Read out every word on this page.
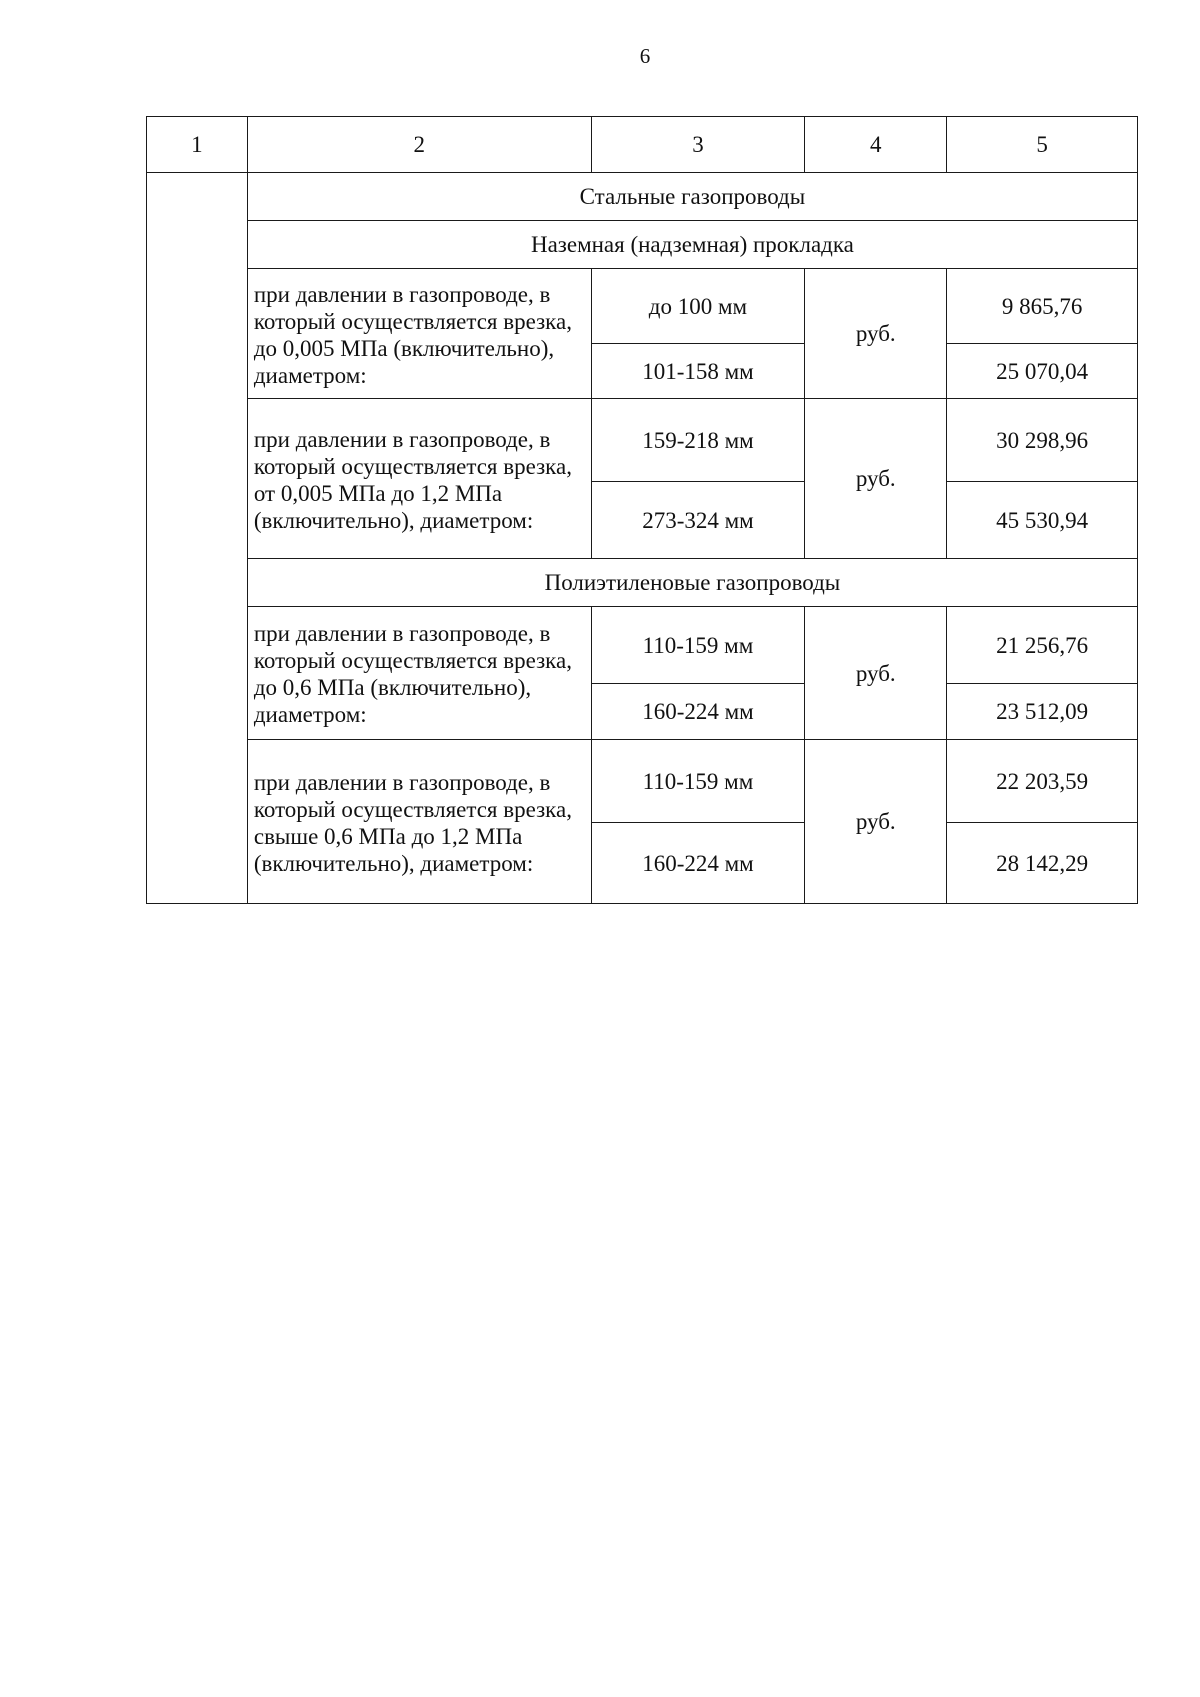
6
1	2	3	4	5
	Стальные газопроводы			
	Наземная (надземная) прокладка			
	при давлении в газопроводе, в который осуществляется врезка, до 0,005 МПа (включительно), диаметром:	до 100 мм	руб.	9 865,76
		101-158 мм		25 070,04
	при давлении в газопроводе, в который осуществляется врезка, от 0,005 МПа до 1,2 МПа (включительно), диаметром:	159-218 мм	руб.	30 298,96
		273-324 мм		45 530,94
	Полиэтиленовые газопроводы			
	при давлении в газопроводе, в который осуществляется врезка, до 0,6 МПа (включительно), диаметром:	110-159 мм	руб.	21 256,76
		160-224 мм		23 512,09
	при давлении в газопроводе, в который осуществляется врезка, свыше 0,6 МПа до 1,2 МПа (включительно), диаметром:	110-159 мм	руб.	22 203,59
		160-224 мм		28 142,29
